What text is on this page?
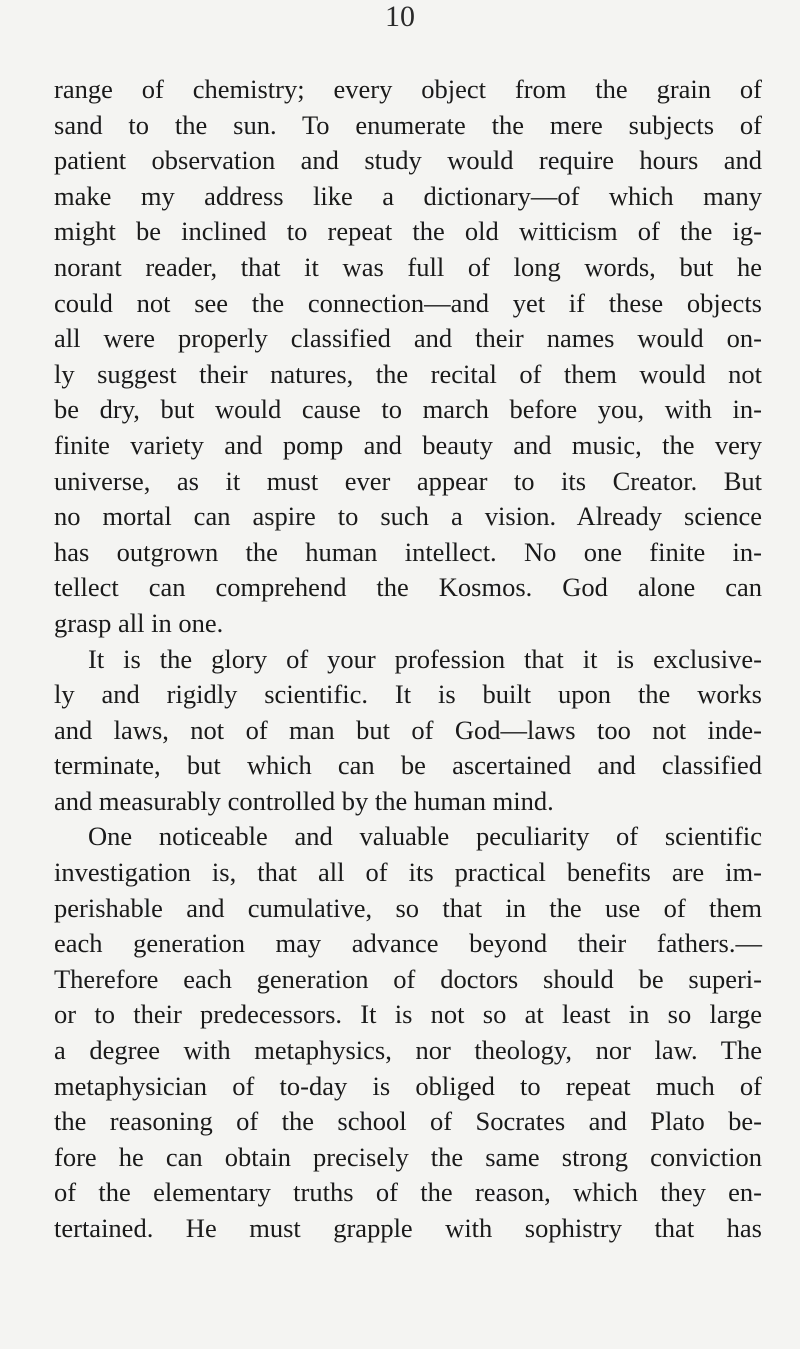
10
range of chemistry; every object from the grain of
sand to the sun. To enumerate the mere subjects of
patient observation and study would require hours and
make my address like a dictionary—of which many
might be inclined to repeat the old witticism of the ig-
norant reader, that it was full of long words, but he
could not see the connection—and yet if these objects
all were properly classified and their names would on-
ly suggest their natures, the recital of them would not
be dry, but would cause to march before you, with in-
finite variety and pomp and beauty and music, the very
universe, as it must ever appear to its Creator. But
no mortal can aspire to such a vision. Already science
has outgrown the human intellect. No one finite in-
tellect can comprehend the Kosmos. God alone can
grasp all in one.
It is the glory of your profession that it is exclusive-
ly and rigidly scientific. It is built upon the works
and laws, not of man but of God—laws too not inde-
terminate, but which can be ascertained and classified
and measurably controlled by the human mind.
One noticeable and valuable peculiarity of scientific
investigation is, that all of its practical benefits are im-
perishable and cumulative, so that in the use of them
each generation may advance beyond their fathers.—
Therefore each generation of doctors should be superi-
or to their predecessors. It is not so at least in so large
a degree with metaphysics, nor theology, nor law. The
metaphysician of to-day is obliged to repeat much of
the reasoning of the school of Socrates and Plato be-
fore he can obtain precisely the same strong conviction
of the elementary truths of the reason, which they en-
tertained. He must grapple with sophistry that has
